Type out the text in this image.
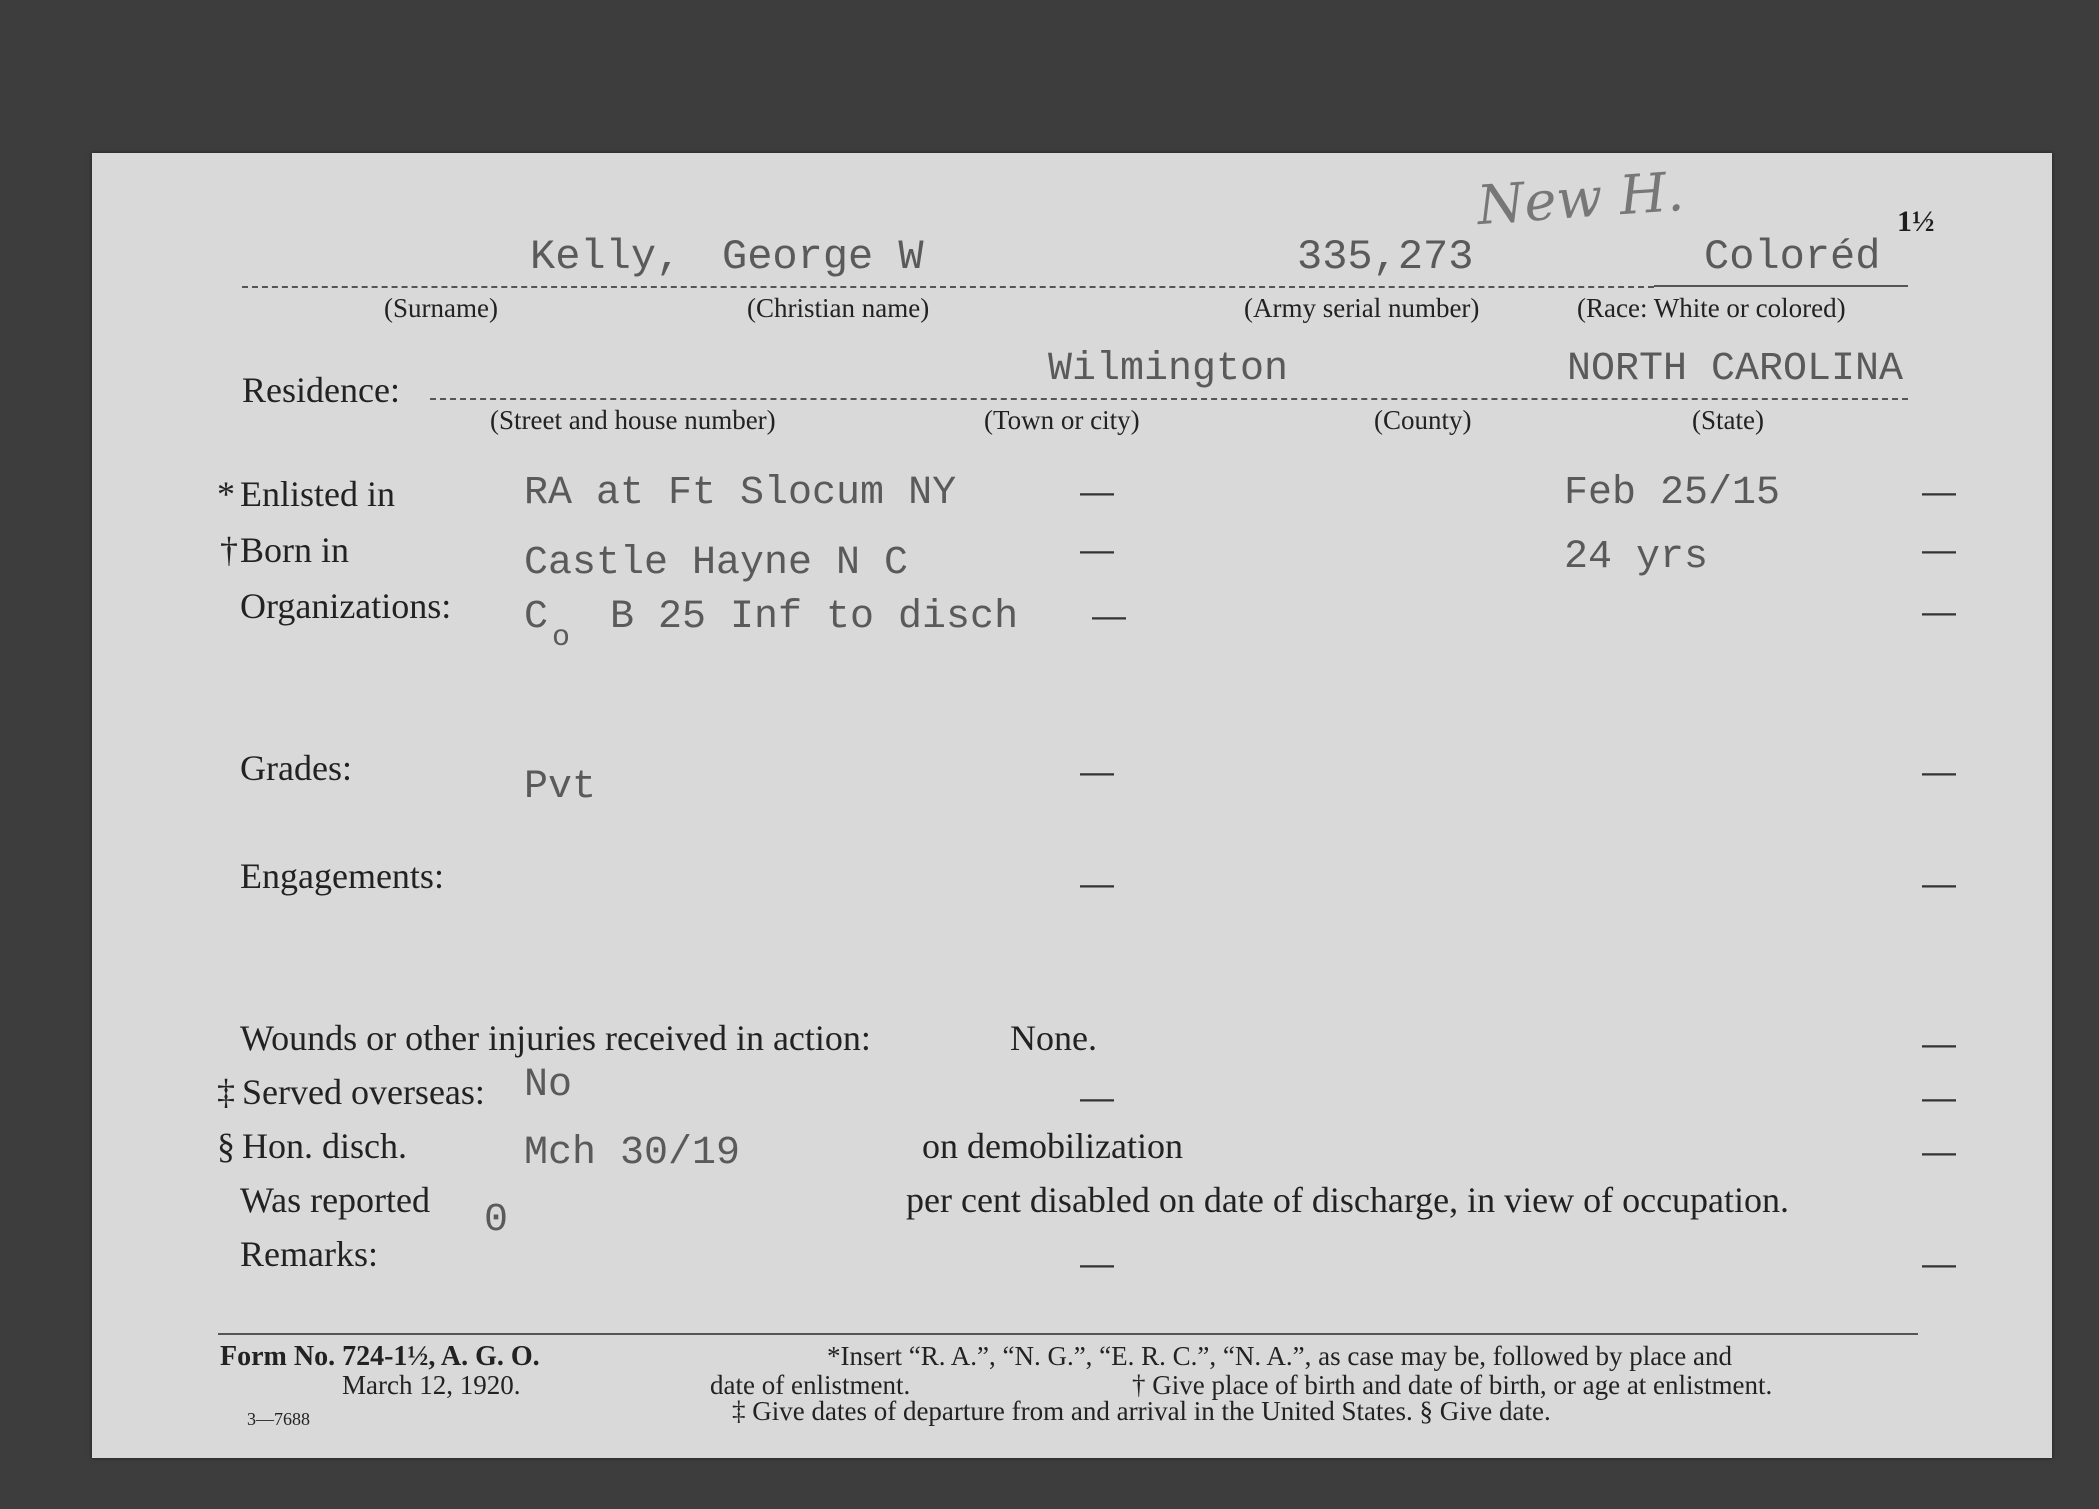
New H.	1½
Kelly, George W	335,273	Coloréd
(Surname)	(Christian name)	(Army serial number)	(Race: White or colored)
Residence:	Wilmington	NORTH CAROLINA
(Street and house number)	(Town or city)	(County)	(State)
* Enlisted in	RA at Ft Slocum NY	—	Feb 25/15	—
† Born in	Castle Hayne N C	—	24 yrs	—
Organizations: C o B 25 Inf to disch —	—
Grades:	Pvt	—	—
Engagements:	—	—
Wounds or other injuries received in action:	None.	—
‡ Served overseas: No	—	—
§ Hon. disch.	Mch 30/19	on demobilization	—
Was reported 0	per cent disabled on date of discharge, in view of occupation.
Remarks:	—	—
Form No. 724-1½, A. G. O.
March 12, 1920.
3—7688
*Insert “R. A.”, “N. G.”, “E. R. C.”, “N. A.”, as case may be, followed by place and
date of enlistment.	† Give place of birth and date of birth, or age at enlistment.
‡ Give dates of departure from and arrival in the United States. § Give date.
